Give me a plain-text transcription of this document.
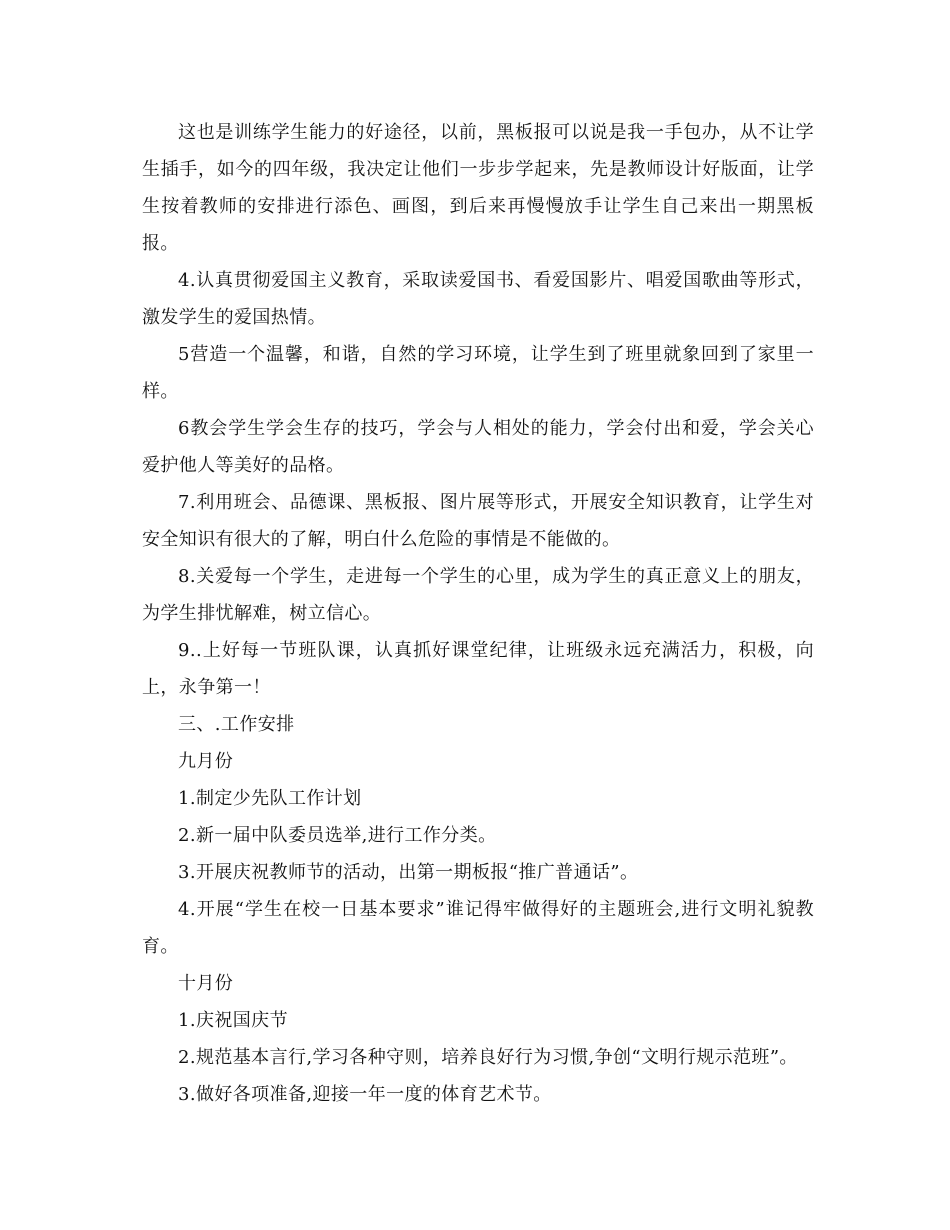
这也是训练学生能力的好途径，以前，黑板报可以说是我一手包办，从不让学生插手，如今的四年级，我决定让他们一步步学起来，先是教师设计好版面，让学生按着教师的安排进行添色、画图，到后来再慢慢放手让学生自己来出一期黑板报。

4.认真贯彻爱国主义教育，采取读爱国书、看爱国影片、唱爱国歌曲等形式，激发学生的爱国热情。

5营造一个温馨，和谐，自然的学习环境，让学生到了班里就象回到了家里一样。

6教会学生学会生存的技巧，学会与人相处的能力，学会付出和爱，学会关心爱护他人等美好的品格。

7.利用班会、品德课、黑板报、图片展等形式，开展安全知识教育，让学生对安全知识有很大的了解，明白什么危险的事情是不能做的。

8.关爱每一个学生，走进每一个学生的心里，成为学生的真正意义上的朋友，为学生排忧解难，树立信心。

9..上好每一节班队课，认真抓好课堂纪律，让班级永远充满活力，积极，向上，永争第一！

三、.工作安排

九月份

1.制定少先队工作计划

2.新一届中队委员选举,进行工作分类。

3.开展庆祝教师节的活动，出第一期板报“推广普通话”。

4.开展“学生在校一日基本要求”谁记得牢做得好的主题班会,进行文明礼貌教育。

十月份

1.庆祝国庆节

2.规范基本言行,学习各种守则，培养良好行为习惯,争创“文明行规示范班”。

3.做好各项准备,迎接一年一度的体育艺术节。
